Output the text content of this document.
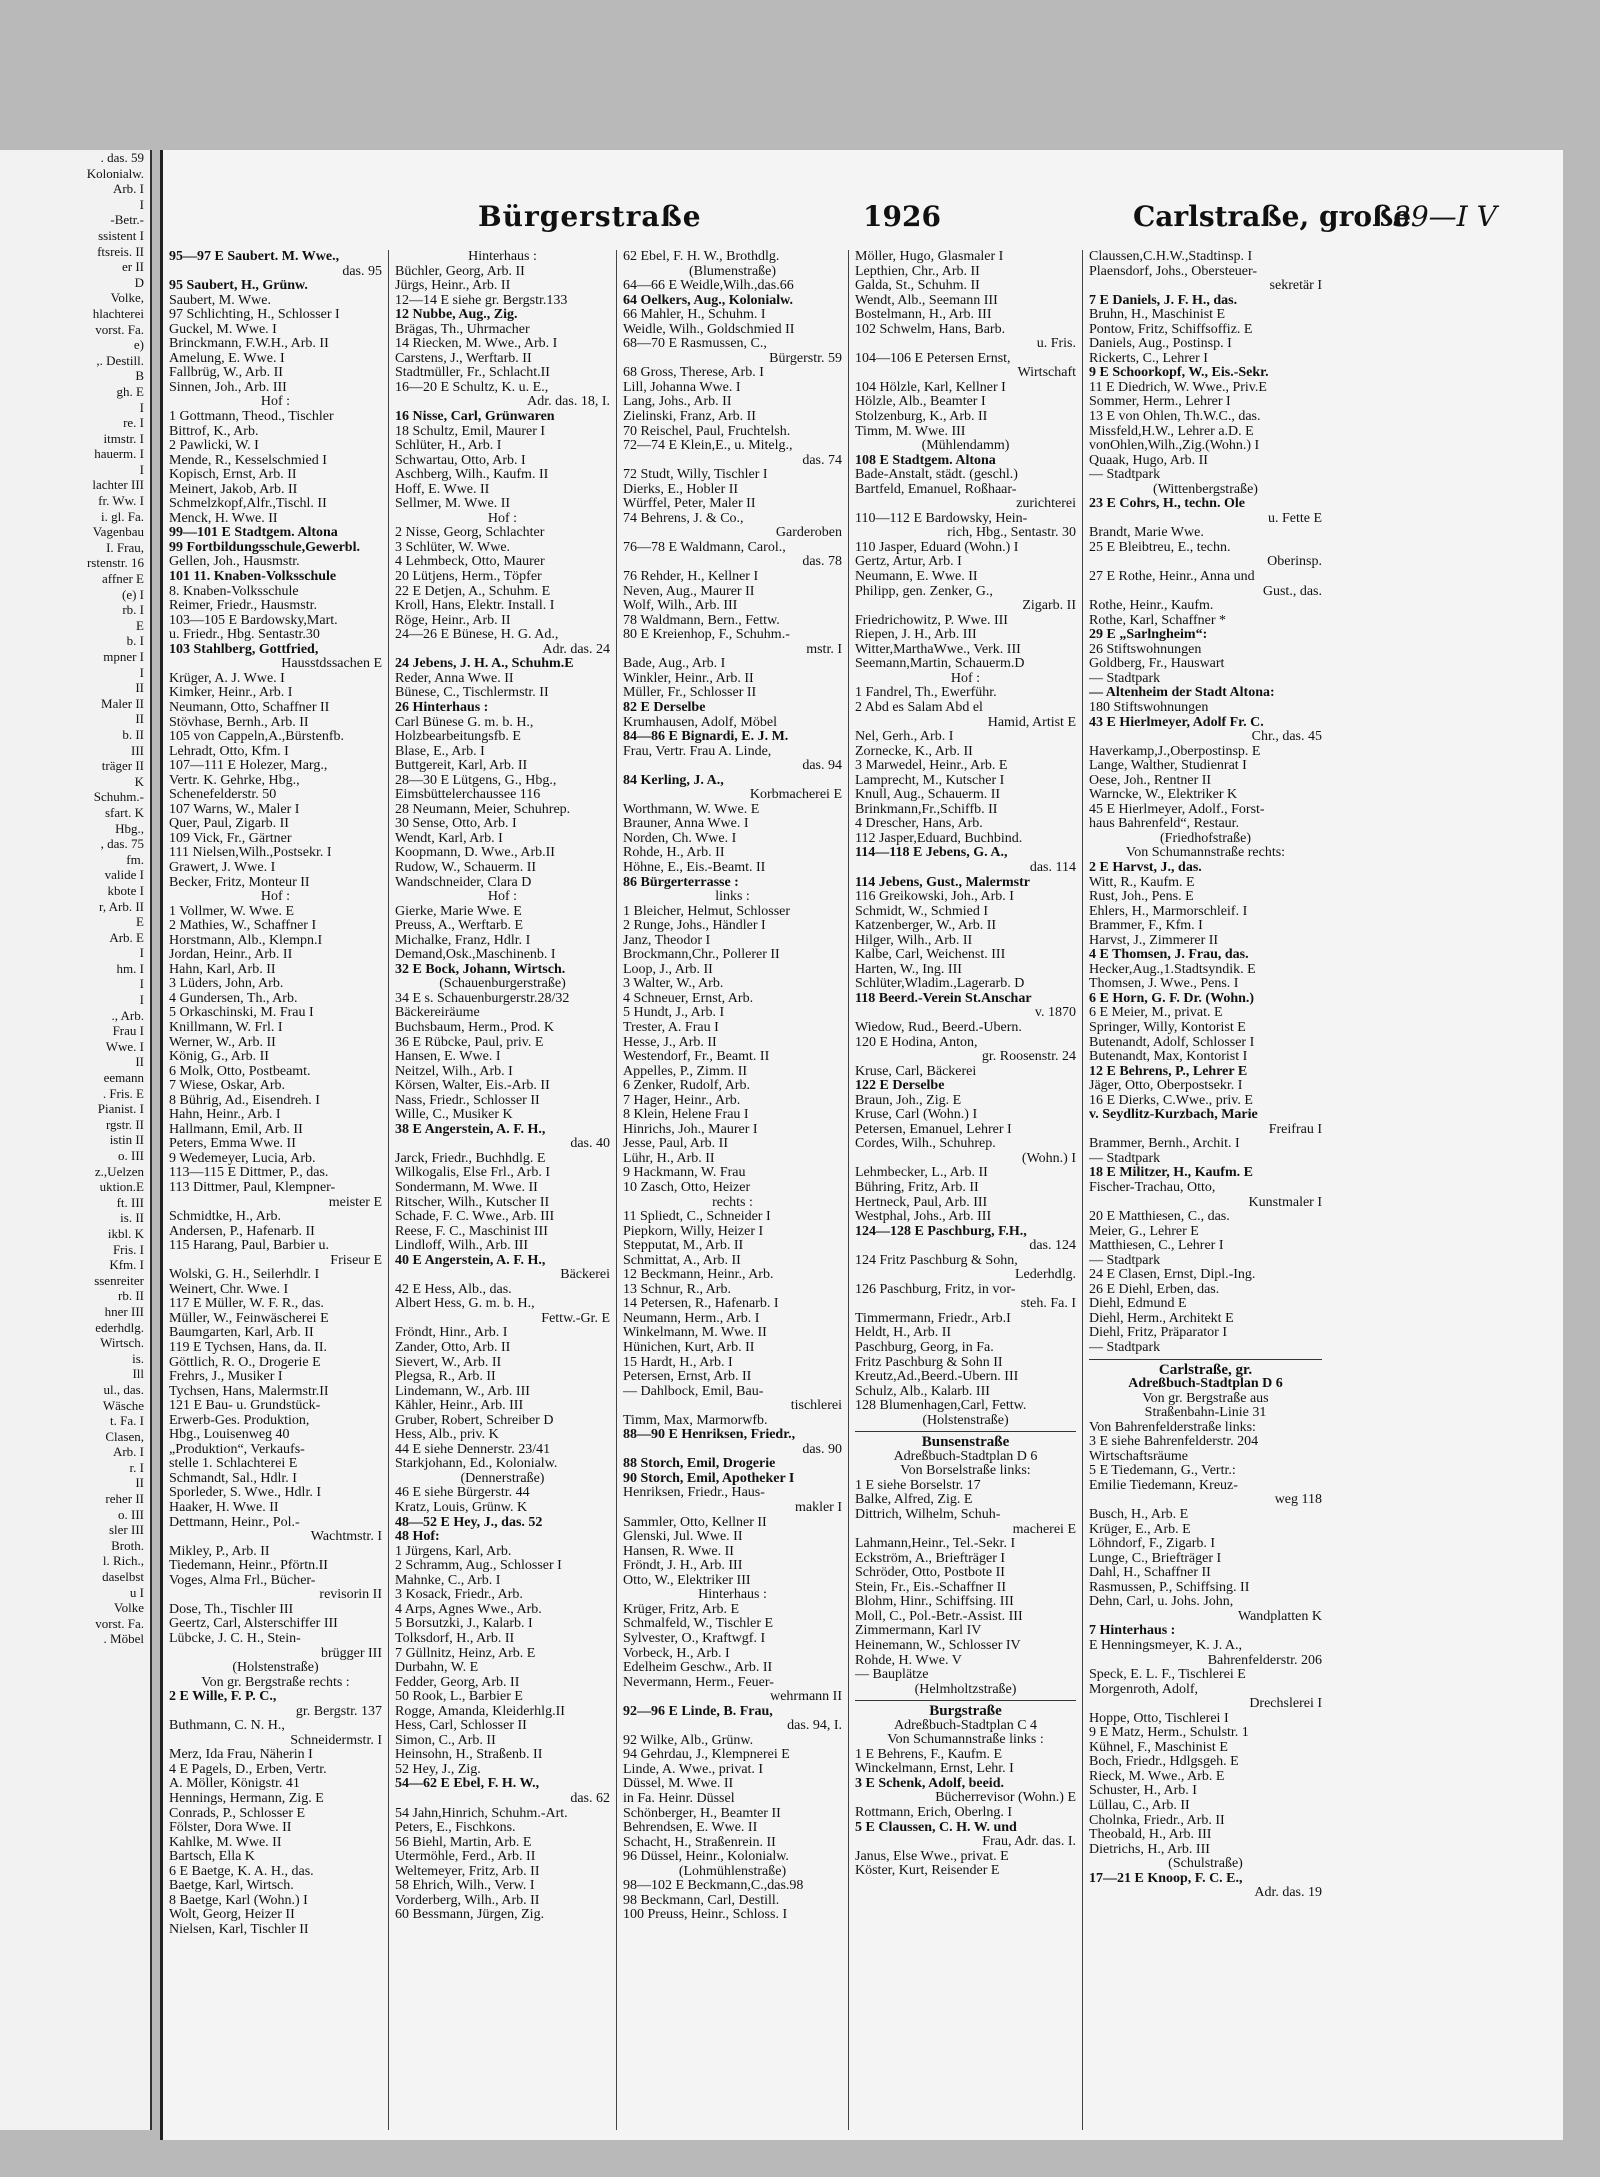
. das. 59
Kolonialw.
Arb. I
I
-Betr.-
ssistent I
ftsreis. II
er II
D
Volke,
hlachterei
vorst. Fa.
e)
,. Destill.
B
gh. E
I
re. I
itmstr. I
hauerm. I
I
lachter III
fr. Ww. I
i. gl. Fa.
Vagenbau
I. Frau,
rstenstr. 16
affner E
(e) I
rb. I
E
b. I
mpner I
I
II
Maler II
II
b. II
III
träger II
K
Schuhm.-
sfart. K
Hbg.,
, das. 75
fm.
valide I
kbote I
r, Arb. II
E
Arb. E
I
hm. I
I
I
., Arb.
Frau I
Wwe. I
II
eemann
. Fris. E
Pianist. I
rgstr. II
istin II
o. III
z.,Uelzen
uktion.E
ft. III
is. II
ikbl. K
Fris. I
Kfm. I
ssenreiter
rb. II
hner III
ederhdlg.
Wirtsch.
is.
Ill
ul., das.
Wäsche
t. Fa. I
Clasen,
Arb. I
r. I
II
reher II
o. III
sler III
Broth.
l. Rich.,
daselbst
u I
Volke
vorst. Fa.
. Möbel
Bürgerstraße	1926	Carlstraße, große
39—I V
95—97 E Saubert. M. Wwe.,
das. 95
95 Saubert, H., Grünw.
Saubert, M. Wwe.
97 Schlichting, H., Schlosser I
Guckel, M. Wwe. I
Brinckmann, F.W.H., Arb. II
Amelung, E. Wwe. I
Fallbrüg, W., Arb. II
Sinnen, Joh., Arb. III
Hof :
1 Gottmann, Theod., Tischler
Bittrof, K., Arb.
2 Pawlicki, W. I
Mende, R., Kesselschmied I
Kopisch, Ernst, Arb. II
Meinert, Jakob, Arb. II
Schmelzkopf,Alfr.,Tischl. II
Menck, H. Wwe. II
99—101 E Stadtgem. Altona
99 Fortbildungsschule,Gewerbl.
Gellen, Joh., Hausmstr.
101 11. Knaben-Volksschule
8. Knaben-Volksschule
Reimer, Friedr., Hausmstr.
103—105 E Bardowsky,Mart.
u. Friedr., Hbg. Sentastr.30
103 Stahlberg, Gottfried,
Hausstdssachen E
Krüger, A. J. Wwe. I
Kimker, Heinr., Arb. I
Neumann, Otto, Schaffner II
Stövhase, Bernh., Arb. II
105 von Cappeln,A.,Bürstenfb.
Lehradt, Otto, Kfm. I
107—111 E Holezer, Marg.,
Vertr. K. Gehrke, Hbg.,
Schenefelderstr. 50
107 Warns, W., Maler I
Quer, Paul, Zigarb. II
109 Vick, Fr., Gärtner
111 Nielsen,Wilh.,Postsekr. I
Grawert, J. Wwe. I
Becker, Fritz, Monteur II
Hof :
1 Vollmer, W. Wwe. E
2 Mathies, W., Schaffner I
Horstmann, Alb., Klempn.I
Jordan, Heinr., Arb. II
Hahn, Karl, Arb. II
3 Lüders, John, Arb.
4 Gundersen, Th., Arb.
5 Orkaschinski, M. Frau I
Knillmann, W. Frl. I
Werner, W., Arb. II
König, G., Arb. II
6 Molk, Otto, Postbeamt.
7 Wiese, Oskar, Arb.
8 Bührig, Ad., Eisendreh. I
Hahn, Heinr., Arb. I
Hallmann, Emil, Arb. II
Peters, Emma Wwe. II
9 Wedemeyer, Lucia, Arb.
113—115 E Dittmer, P., das.
113 Dittmer, Paul, Klempner-
meister E
Schmidtke, H., Arb.
Andersen, P., Hafenarb. II
115 Harang, Paul, Barbier u.
Friseur E
Wolski, G. H., Seilerhdlr. I
Weinert, Chr. Wwe. I
117 E Müller, W. F. R., das.
Müller, W., Feinwäscherei E
Baumgarten, Karl, Arb. II
119 E Tychsen, Hans, da. II.
Göttlich, R. O., Drogerie E
Frehrs, J., Musiker I
Tychsen, Hans, Malermstr.II
121 E Bau- u. Grundstück-
Erwerb-Ges. Produktion,
Hbg., Louisenweg 40
„Produktion“, Verkaufs-
stelle 1. Schlachterei E
Schmandt, Sal., Hdlr. I
Sporleder, S. Wwe., Hdlr. I
Haaker, H. Wwe. II
Dettmann, Heinr., Pol.-
Wachtmstr. I
Mikley, P., Arb. II
Tiedemann, Heinr., Pförtn.II
Voges, Alma Frl., Bücher-
revisorin II
Dose, Th., Tischler III
Geertz, Carl, Alsterschiffer III
Lübcke, J. C. H., Stein-
brügger III
(Holstenstraße)
Von gr. Bergstraße rechts :
2 E Wille, F. P. C.,
gr. Bergstr. 137
Buthmann, C. N. H.,
Schneidermstr. I
Merz, Ida Frau, Näherin I
4 E Pagels, D., Erben, Vertr.
A. Möller, Königstr. 41
Hennings, Hermann, Zig. E
Conrads, P., Schlosser E
Fölster, Dora Wwe. II
Kahlke, M. Wwe. II
Bartsch, Ella K
6 E Baetge, K. A. H., das.
Baetge, Karl, Wirtsch.
8 Baetge, Karl (Wohn.) I
Wolt, Georg, Heizer II
Nielsen, Karl, Tischler II
Hinterhaus :
Büchler, Georg, Arb. II
Jürgs, Heinr., Arb. II
12—14 E siehe gr. Bergstr.133
12 Nubbe, Aug., Zig.
Brägas, Th., Uhrmacher
14 Riecken, M. Wwe., Arb. I
Carstens, J., Werftarb. II
Stadtmüller, Fr., Schlacht.II
16—20 E Schultz, K. u. E.,
Adr. das. 18, I.
16 Nisse, Carl, Grünwaren
18 Schultz, Emil, Maurer I
Schlüter, H., Arb. I
Schwartau, Otto, Arb. I
Aschberg, Wilh., Kaufm. II
Hoff, E. Wwe. II
Sellmer, M. Wwe. II
Hof :
2 Nisse, Georg, Schlachter
3 Schlüter, W. Wwe.
4 Lehmbeck, Otto, Maurer
20 Lütjens, Herm., Töpfer
22 E Detjen, A., Schuhm. E
Kroll, Hans, Elektr. Install. I
Röge, Heinr., Arb. II
24—26 E Bünese, H. G. Ad.,
Adr. das. 24
24 Jebens, J. H. A., Schuhm.E
Reder, Anna Wwe. II
Bünese, C., Tischlermstr. II
26 Hinterhaus :
Carl Bünese G. m. b. H.,
Holzbearbeitungsfb. E
Blase, E., Arb. I
Buttgereit, Karl, Arb. II
28—30 E Lütgens, G., Hbg.,
Eimsbüttelerchaussee 116
28 Neumann, Meier, Schuhrep.
30 Sense, Otto, Arb. I
Wendt, Karl, Arb. I
Koopmann, D. Wwe., Arb.II
Rudow, W., Schauerm. II
Wandschneider, Clara D
Hof :
Gierke, Marie Wwe. E
Preuss, A., Werftarb. E
Michalke, Franz, Hdlr. I
Demand,Osk.,Maschinenb. I
32 E Bock, Johann, Wirtsch.
(Schauenburgerstraße)
34 E s. Schauenburgerstr.28/32
Bäckereiräume
Buchsbaum, Herm., Prod. K
36 E Rübcke, Paul, priv. E
Hansen, E. Wwe. I
Neitzel, Wilh., Arb. I
Körsen, Walter, Eis.-Arb. II
Nass, Friedr., Schlosser II
Wille, C., Musiker K
38 E Angerstein, A. F. H.,
das. 40
Jarck, Friedr., Buchhdlg. E
Wilkogalis, Else Frl., Arb. I
Sondermann, M. Wwe. II
Ritscher, Wilh., Kutscher II
Schade, F. C. Wwe., Arb. III
Reese, F. C., Maschinist III
Lindloff, Wilh., Arb. III
40 E Angerstein, A. F. H.,
Bäckerei
42 E Hess, Alb., das.
Albert Hess, G. m. b. H.,
Fettw.-Gr. E
Fröndt, Hinr., Arb. I
Zander, Otto, Arb. II
Sievert, W., Arb. II
Plegsa, R., Arb. II
Lindemann, W., Arb. III
Kähler, Heinr., Arb. III
Gruber, Robert, Schreiber D
Hess, Alb., priv. K
44 E siehe Dennerstr. 23/41
Starkjohann, Ed., Kolonialw.
(Dennerstraße)
46 E siehe Bürgerstr. 44
Kratz, Louis, Grünw. K
48—52 E Hey, J., das. 52
48 Hof:
1 Jürgens, Karl, Arb.
2 Schramm, Aug., Schlosser I
Mahnke, C., Arb. I
3 Kosack, Friedr., Arb.
4 Arps, Agnes Wwe., Arb.
5 Borsutzki, J., Kalarb. I
Tolksdorf, H., Arb. II
7 Güllnitz, Heinz, Arb. E
Durbahn, W. E
Fedder, Georg, Arb. II
50 Rook, L., Barbier E
Rogge, Amanda, Kleiderhlg.II
Hess, Carl, Schlosser II
Simon, C., Arb. II
Heinsohn, H., Straßenb. II
52 Hey, J., Zig.
54—62 E Ebel, F. H. W.,
das. 62
54 Jahn,Hinrich, Schuhm.-Art.
Peters, E., Fischkons.
56 Biehl, Martin, Arb. E
Utermöhle, Ferd., Arb. II
Weltemeyer, Fritz, Arb. II
58 Ehrich, Wilh., Verw. I
Vorderberg, Wilh., Arb. II
60 Bessmann, Jürgen, Zig.
62 Ebel, F. H. W., Brothdlg.
(Blumenstraße)
64—66 E Weidle,Wilh.,das.66
64 Oelkers, Aug., Kolonialw.
66 Mahler, H., Schuhm. I
Weidle, Wilh., Goldschmied II
68—70 E Rasmussen, C.,
Bürgerstr. 59
68 Gross, Therese, Arb. I
Lill, Johanna Wwe. I
Lang, Johs., Arb. II
Zielinski, Franz, Arb. II
70 Reischel, Paul, Fruchtelsh.
72—74 E Klein,E., u. Mitelg.,
das. 74
72 Studt, Willy, Tischler I
Dierks, E., Hobler II
Würffel, Peter, Maler II
74 Behrens, J. & Co.,
Garderoben
76—78 E Waldmann, Carol.,
das. 78
76 Rehder, H., Kellner I
Neven, Aug., Maurer II
Wolf, Wilh., Arb. III
78 Waldmann, Bern., Fettw.
80 E Kreienhop, F., Schuhm.-
mstr. I
Bade, Aug., Arb. I
Winkler, Heinr., Arb. II
Müller, Fr., Schlosser II
82 E Derselbe
Krumhausen, Adolf, Möbel
84—86 E Bignardi, E. J. M.
Frau, Vertr. Frau A. Linde,
das. 94
84 Kerling, J. A.,
Korbmacherei E
Worthmann, W. Wwe. E
Brauner, Anna Wwe. I
Norden, Ch. Wwe. I
Rohde, H., Arb. II
Höhne, E., Eis.-Beamt. II
86 Bürgerterrasse :
links :
1 Bleicher, Helmut, Schlosser
2 Runge, Johs., Händler I
Janz, Theodor I
Brockmann,Chr., Pollerer II
Loop, J., Arb. II
3 Walter, W., Arb.
4 Schneuer, Ernst, Arb.
5 Hundt, J., Arb. I
Trester, A. Frau I
Hesse, J., Arb. II
Westendorf, Fr., Beamt. II
Appelles, P., Zimm. II
6 Zenker, Rudolf, Arb.
7 Hager, Heinr., Arb.
8 Klein, Helene Frau I
Hinrichs, Joh., Maurer I
Jesse, Paul, Arb. II
Lühr, H., Arb. II
9 Hackmann, W. Frau
10 Zasch, Otto, Heizer
rechts :
11 Spliedt, C., Schneider I
Piepkorn, Willy, Heizer I
Stepputat, M., Arb. II
Schmittat, A., Arb. II
12 Beckmann, Heinr., Arb.
13 Schnur, R., Arb.
14 Petersen, R., Hafenarb. I
Neumann, Herm., Arb. I
Winkelmann, M. Wwe. II
Hünichen, Kurt, Arb. II
15 Hardt, H., Arb. I
Petersen, Ernst, Arb. II
— Dahlbock, Emil, Bau-
tischlerei
Timm, Max, Marmorwfb.
88—90 E Henriksen, Friedr.,
das. 90
88 Storch, Emil, Drogerie
90 Storch, Emil, Apotheker I
Henriksen, Friedr., Haus-
makler I
Sammler, Otto, Kellner II
Glenski, Jul. Wwe. II
Hansen, R. Wwe. II
Fröndt, J. H., Arb. III
Otto, W., Elektriker III
Hinterhaus :
Krüger, Fritz, Arb. E
Schmalfeld, W., Tischler E
Sylvester, O., Kraftwgf. I
Vorbeck, H., Arb. I
Edelheim Geschw., Arb. II
Nevermann, Herm., Feuer-
wehrmann II
92—96 E Linde, B. Frau,
das. 94, I.
92 Wilke, Alb., Grünw.
94 Gehrdau, J., Klempnerei E
Linde, A. Wwe., privat. I
Düssel, M. Wwe. II
in Fa. Heinr. Düssel
Schönberger, H., Beamter II
Behrendsen, E. Wwe. II
Schacht, H., Straßenrein. II
96 Düssel, Heinr., Kolonialw.
(Lohmühlenstraße)
98—102 E Beckmann,C.,das.98
98 Beckmann, Carl, Destill.
100 Preuss, Heinr., Schloss. I
Möller, Hugo, Glasmaler I
Lepthien, Chr., Arb. II
Galda, St., Schuhm. II
Wendt, Alb., Seemann III
Bostelmann, H., Arb. III
102 Schwelm, Hans, Barb.
u. Fris.
104—106 E Petersen Ernst,
Wirtschaft
104 Hölzle, Karl, Kellner I
Hölzle, Alb., Beamter I
Stolzenburg, K., Arb. II
Timm, M. Wwe. III
(Mühlendamm)
108 E Stadtgem. Altona
Bade-Anstalt, städt. (geschl.)
Bartfeld, Emanuel, Roßhaar-
zurichterei
110—112 E Bardowsky, Hein-
rich, Hbg., Sentastr. 30
110 Jasper, Eduard (Wohn.) I
Gertz, Artur, Arb. I
Neumann, E. Wwe. II
Philipp, gen. Zenker, G.,
Zigarb. II
Friedrichowitz, P. Wwe. III
Riepen, J. H., Arb. III
Witter,MarthaWwe., Verk. III
Seemann,Martin, Schauerm.D
Hof :
1 Fandrel, Th., Ewerführ.
2 Abd es Salam Abd el
Hamid, Artist E
Nel, Gerh., Arb. I
Zornecke, K., Arb. II
3 Marwedel, Heinr., Arb. E
Lamprecht, M., Kutscher I
Knull, Aug., Schauerm. II
Brinkmann,Fr.,Schiffb. II
4 Drescher, Hans, Arb.
112 Jasper,Eduard, Buchbind.
114—118 E Jebens, G. A.,
das. 114
114 Jebens, Gust., Malermstr
116 Greikowski, Joh., Arb. I
Schmidt, W., Schmied I
Katzenberger, W., Arb. II
Hilger, Wilh., Arb. II
Kalbe, Carl, Weichenst. III
Harten, W., Ing. III
Schlüter,Wladim.,Lagerarb. D
118 Beerd.-Verein St.Anschar
v. 1870
Wiedow, Rud., Beerd.-Übern.
120 E Hodina, Anton,
gr. Roosenstr. 24
Kruse, Carl, Bäckerei
122 E Derselbe
Braun, Joh., Zig. E
Kruse, Carl (Wohn.) I
Petersen, Emanuel, Lehrer I
Cordes, Wilh., Schuhrep.
(Wohn.) I
Lehmbecker, L., Arb. II
Bühring, Fritz, Arb. II
Hertneck, Paul, Arb. III
Westphal, Johs., Arb. III
124—128 E Paschburg, F.H.,
das. 124
124 Fritz Paschburg & Sohn,
Lederhdlg.
126 Paschburg, Fritz, in vor-
steh. Fa. I
Timmermann, Friedr., Arb.I
Heldt, H., Arb. II
Paschburg, Georg, in Fa.
Fritz Paschburg & Sohn II
Kreutz,Ad.,Beerd.-Übern. III
Schulz, Alb., Kalarb. III
128 Blumenhagen,Carl, Fettw.
(Holstenstraße)
Bunsenstraße
Adreßbuch-Stadtplan D 6
Von Borselstraße links:
1 E siehe Borselstr. 17
Balke, Alfred, Zig. E
Dittrich, Wilhelm, Schuh-
macherei E
Lahmann,Heinr., Tel.-Sekr. I
Eckström, A., Briefträger I
Schröder, Otto, Postbote II
Stein, Fr., Eis.-Schaffner II
Blohm, Hinr., Schiffsing. III
Moll, C., Pol.-Betr.-Assist. III
Zimmermann, Karl IV
Heinemann, W., Schlosser IV
Rohde, H. Wwe. V
— Bauplätze
(Helmholtzstraße)
Burgstraße
Adreßbuch-Stadtplan C 4
Von Schumannstraße links :
1 E Behrens, F., Kaufm. E
Winckelmann, Ernst, Lehr. I
3 E Schenk, Adolf, beeid.
Bücherrevisor (Wohn.) E
Rottmann, Erich, Oberlng. I
5 E Claussen, C. H. W. und
Frau, Adr. das. I.
Janus, Else Wwe., privat. E
Köster, Kurt, Reisender E
Claussen,C.H.W.,Stadtinsp. I
Plaensdorf, Johs., Obersteuer-
sekretär I
7 E Daniels, J. F. H., das.
Bruhn, H., Maschinist E
Pontow, Fritz, Schiffsoffiz. E
Daniels, Aug., Postinsp. I
Rickerts, C., Lehrer I
9 E Schoorkopf, W., Eis.-Sekr.
11 E Diedrich, W. Wwe., Priv.E
Sommer, Herm., Lehrer I
13 E von Ohlen, Th.W.C., das.
Missfeld,H.W., Lehrer a.D. E
vonOhlen,Wilh.,Zig.(Wohn.) I
Quaak, Hugo, Arb. II
— Stadtpark
(Wittenbergstraße)
23 E Cohrs, H., techn. Öle
u. Fette E
Brandt, Marie Wwe.
25 E Bleibtreu, E., techn.
Oberinsp.
27 E Rothe, Heinr., Anna und
Gust., das.
Rothe, Heinr., Kaufm.
Rothe, Karl, Schaffner *
29 E „Sarlngheim“:
26 Stiftswohnungen
Goldberg, Fr., Hauswart
— Stadtpark
— Altenheim der Stadt Altona:
180 Stiftswohnungen
43 E Hierlmeyer, Adolf Fr. C.
Chr., das. 45
Haverkamp,J.,Oberpostinsp. E
Lange, Walther, Studienrat I
Oese, Joh., Rentner II
Warncke, W., Elektriker K
45 E Hierlmeyer, Adolf., Forst-
haus Bahrenfeld“, Restaur.
(Friedhofstraße)
Von Schumannstraße rechts:
2 E Harvst, J., das.
Witt, R., Kaufm. E
Rust, Joh., Pens. E
Ehlers, H., Marmorschleif. I
Brammer, F., Kfm. I
Harvst, J., Zimmerer II
4 E Thomsen, J. Frau, das.
Hecker,Aug.,1.Stadtsyndik. E
Thomsen, J. Wwe., Pens. I
6 E Horn, G. F. Dr. (Wohn.)
6 E Meier, M., privat. E
Springer, Willy, Kontorist E
Butenandt, Adolf, Schlosser I
Butenandt, Max, Kontorist I
12 E Behrens, P., Lehrer E
Jäger, Otto, Oberpostsekr. I
16 E Dierks, C.Wwe., priv. E
v. Seydlitz-Kurzbach, Marie
Freifrau I
Brammer, Bernh., Archit. I
— Stadtpark
18 E Militzer, H., Kaufm. E
Fischer-Trachau, Otto,
Kunstmaler I
20 E Matthiesen, C., das.
Meier, G., Lehrer E
Matthiesen, C., Lehrer I
— Stadtpark
24 E Clasen, Ernst, Dipl.-Ing.
26 E Diehl, Erben, das.
Diehl, Edmund E
Diehl, Herm., Architekt E
Diehl, Fritz, Präparator I
— Stadtpark
Carlstraße, gr.
Adreßbuch-Stadtplan D 6
Von gr. Bergstraße aus
Straßenbahn-Linie 31
Von Bahrenfelderstraße links:
3 E siehe Bahrenfelderstr. 204
Wirtschaftsräume
5 E Tiedemann, G., Vertr.:
Emilie Tiedemann, Kreuz-
weg 118
Busch, H., Arb. E
Krüger, E., Arb. E
Löhndorf, F., Zigarb. I
Lunge, C., Briefträger I
Dahl, H., Schaffner II
Rasmussen, P., Schiffsing. II
Dehn, Carl, u. Johs. John,
Wandplatten K
7 Hinterhaus :
E Henningsmeyer, K. J. A.,
Bahrenfelderstr. 206
Speck, E. L. F., Tischlerei E
Morgenroth, Adolf,
Drechslerei I
Hoppe, Otto, Tischlerei I
9 E Matz, Herm., Schulstr. 1
Kühnel, F., Maschinist E
Boch, Friedr., Hdlgsgeh. E
Rieck, M. Wwe., Arb. E
Schuster, H., Arb. I
Lüllau, C., Arb. II
Cholnka, Friedr., Arb. II
Theobald, H., Arb. III
Dietrichs, H., Arb. III
(Schulstraße)
17—21 E Knoop, F. C. E.,
Adr. das. 19
